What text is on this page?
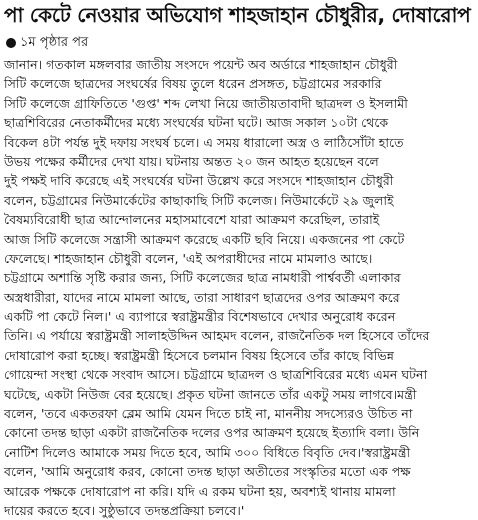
পা কেটে নেওয়ার অভিযোগ শাহজাহান চৌধুরীর, দোষারোপ
১ম পৃষ্ঠার পর
জানান। গতকাল মঙ্গলবার জাতীয় সংসদে পয়েন্ট অব অর্ডারে শাহজাহান চৌধুরী
সিটি কলেজে ছাত্রদের সংঘর্ষের বিষয় তুলে ধরেন প্রসঙ্গত, চট্টগ্রামের সরকারি
সিটি কলেজে গ্রাফিতিতে 'গুপ্ত' শব্দ লেখা নিয়ে জাতীয়তাবাদী ছাত্রদল ও ইসলামী
ছাত্রশিবিরের নেতাকর্মীদের মধ্যে সংঘর্ষের ঘটনা ঘটে। আজ সকাল ১০টা থেকে
বিকেল ৪টা পর্যন্ত দুই দফায় সংঘর্ষ চলে। এ সময় ধারালো অস্ত্র ও লাঠিসোঁটা হাতে
উভয় পক্ষের কর্মীদের দেখা যায়। ঘটনায় অন্তত ২০ জন আহত হয়েছেন বলে
দুই পক্ষই দাবি করেছে এই সংঘর্ষের ঘটনা উল্লেখ করে সংসদে শাহজাহান চৌধুরী
বলেন, চট্টগ্রামের নিউমার্কেটের কাছাকাছি সিটি কলেজ। নিউমার্কেটে ২৯ জুলাই
বৈষম্যবিরোধী ছাত্র আন্দোলনের মহাসমাবেশে যারা আক্রমণ করেছিল, তারাই
আজ সিটি কলেজে সন্ত্রাসী আক্রমণ করেছে একটি ছবি নিয়ে। একজনের পা কেটে
ফেলেছে। শাহজাহান চৌধুরী বলেন, 'এই অপরাধীদের নামে মামলাও আছে।
চট্টগ্রামে অশান্তি সৃষ্টি করার জন্য, সিটি কলেজের ছাত্র নামধারী পার্শ্ববর্তী এলাকার
অস্ত্রধারীরা, যাদের নামে মামলা আছে, তারা সাধারণ ছাত্রদের ওপর আক্রমণ করে
একটি পা কেটে নিল।' এ ব্যাপারে স্বরাষ্ট্রমন্ত্রীর বিশেষভাবে দেখার অনুরোধ করেন
তিনি। এ পর্যায়ে স্বরাষ্ট্রমন্ত্রী সালাহউদ্দিন আহমদ বলেন, রাজনৈতিক দল হিসেবে তাঁদের
দোষারোপ করা হচ্ছে। স্বরাষ্ট্রমন্ত্রী হিসেবে চলমান বিষয় হিসেবে তাঁর কাছে বিভিন্ন
গোয়েন্দা সংস্থা থেকে সংবাদ আসে। চট্টগ্রামে ছাত্রদল ও ছাত্রশিবিরের মধ্যে এমন ঘটনা
ঘটেছে, একটা নিউজ বের হয়েছে। প্রকৃত ঘটনা জানতে তাঁর একটু সময় লাগবে।মন্ত্রী
বলেন, 'তবে একতরফা ব্লেম আমি যেমন দিতে চাই না, মাননীয় সদস্যেরও উচিত না
কোনো তদন্ত ছাড়া একটা রাজনৈতিক দলের ওপর আক্রমণ হয়েছে ইত্যাদি বলা। উনি
নোটিশ দিলেও আমাকে সময় দিতে হবে, আমি ৩০০ বিধিতে বিবৃতি দেব।'স্বরাষ্ট্রমন্ত্রী
বলেন, 'আমি অনুরোধ করব, কোনো তদন্ত ছাড়া অতীতের সংস্কৃতির মতো এক পক্ষ
আরেক পক্ষকে দোষারোপ না করি। যদি এ রকম ঘটনা হয়, অবশ্যই থানায় মামলা
দায়ের করতে হবে। সুষ্ঠুভাবে তদন্তপ্রক্রিয়া চলবে।'
